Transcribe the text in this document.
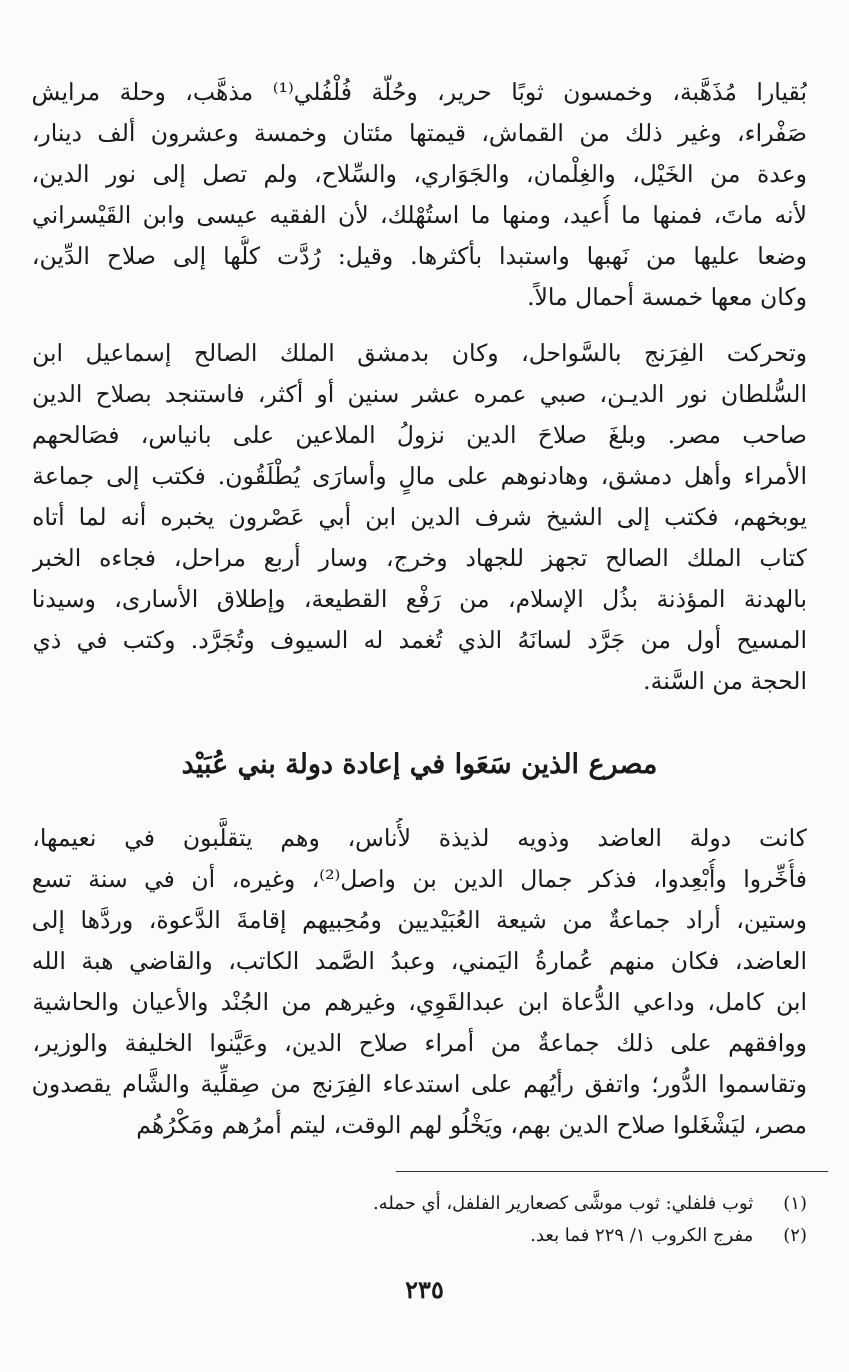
بُقيارا مُذَهَّبة، وخمسون ثوبًا حرير، وحُلّة فُلْفُلي⁽¹⁾ مذهَّب، وحلة مرايش
صَفْراء، وغير ذلك من القماش، قيمتها مئتان وخمسة وعشرون ألف دينار،
وعدة من الخَيْل، والغِلْمان، والجَوَاري، والسِّلاح، ولم تصل إلى نور الدين،
لأنه ماتَ، فمنها ما أُعيد، ومنها ما استُهْلك، لأن الفقيه عيسى وابن القَيْسراني
وضعا عليها من نَهبها واستبدا بأكثرها. وقيل: رُدَّت كلُّها إلى صلاح الدِّين،
وكان معها خمسة أحمال مالاً.

وتحركت الفِرَنج بالسَّواحل، وكان بدمشق الملك الصالح إسماعيل ابن
السُّلطان نور الديـن، صبي عمره عشر سنين أو أكثر، فاستنجد بصلاح الدين
صاحب مصر. وبلغَ صلاحَ الدين نزولُ الملاعين على بانياس، فصَالحهم
الأمراء وأهل دمشق، وهادنوهم على مالٍ وأسارَى يُطْلَقُون. فكتب إلى جماعة
يوبخهم، فكتب إلى الشيخ شرف الدين ابن أبي عَصْرون يخبره أنه لما أتاه
كتاب الملك الصالح تجهز للجهاد وخرج، وسار أربع مراحل، فجاءه الخبر
بالهدنة المؤذنة بذُل الإسلام، من رَفْع القطيعة، وإطلاق الأسارى، وسيدنا
المسيح أول من جَرَّد لسانَهُ الذي تُغمد له السيوف وتُجَرَّد. وكتب في ذي
الحجة من السَّنة.

مصرع الذين سَعَوا في إعادة دولة بني عُبَيْد

كانت دولة العاضد وذويه لذيذة لأُناس، وهم يتقلَّبون في نعيمها،
فأُخِّروا وأُبْعِدوا، فذكر جمال الدين بن واصل⁽²⁾، وغيره، أن في سنة تسع
وستين، أراد جماعةٌ من شيعة العُبَيْديين ومُحِبيهم إقامةَ الدَّعوة، وردَّها إلى
العاضد، فكان منهم عُمارةُ اليَمني، وعبدُ الصَّمد الكاتب، والقاضي هبة الله
ابن كامل، وداعي الدُّعاة ابن عبدالقَوِي، وغيرهم من الجُنْد والأعيان والحاشية
ووافقهم على ذلك جماعةٌ من أمراء صلاح الدين، وعَيَّنوا الخليفة والوزير،
وتقاسموا الدُّور؛ واتفق رأيُهم على استدعاء الفِرَنج من صِقلِّية والشَّام يقصدون
مصر، ليَشْغَلوا صلاح الدين بهم، ويَخْلُو لهم الوقت، ليتم أمرُهم ومَكْرُهُم

(١) ثوب فلفلي: ثوب موشَّى كصعارير الفلفل، أي حمله.
(٢) مفرج الكروب ١/ ٢٢٩ فما بعد.
٢٣٥
